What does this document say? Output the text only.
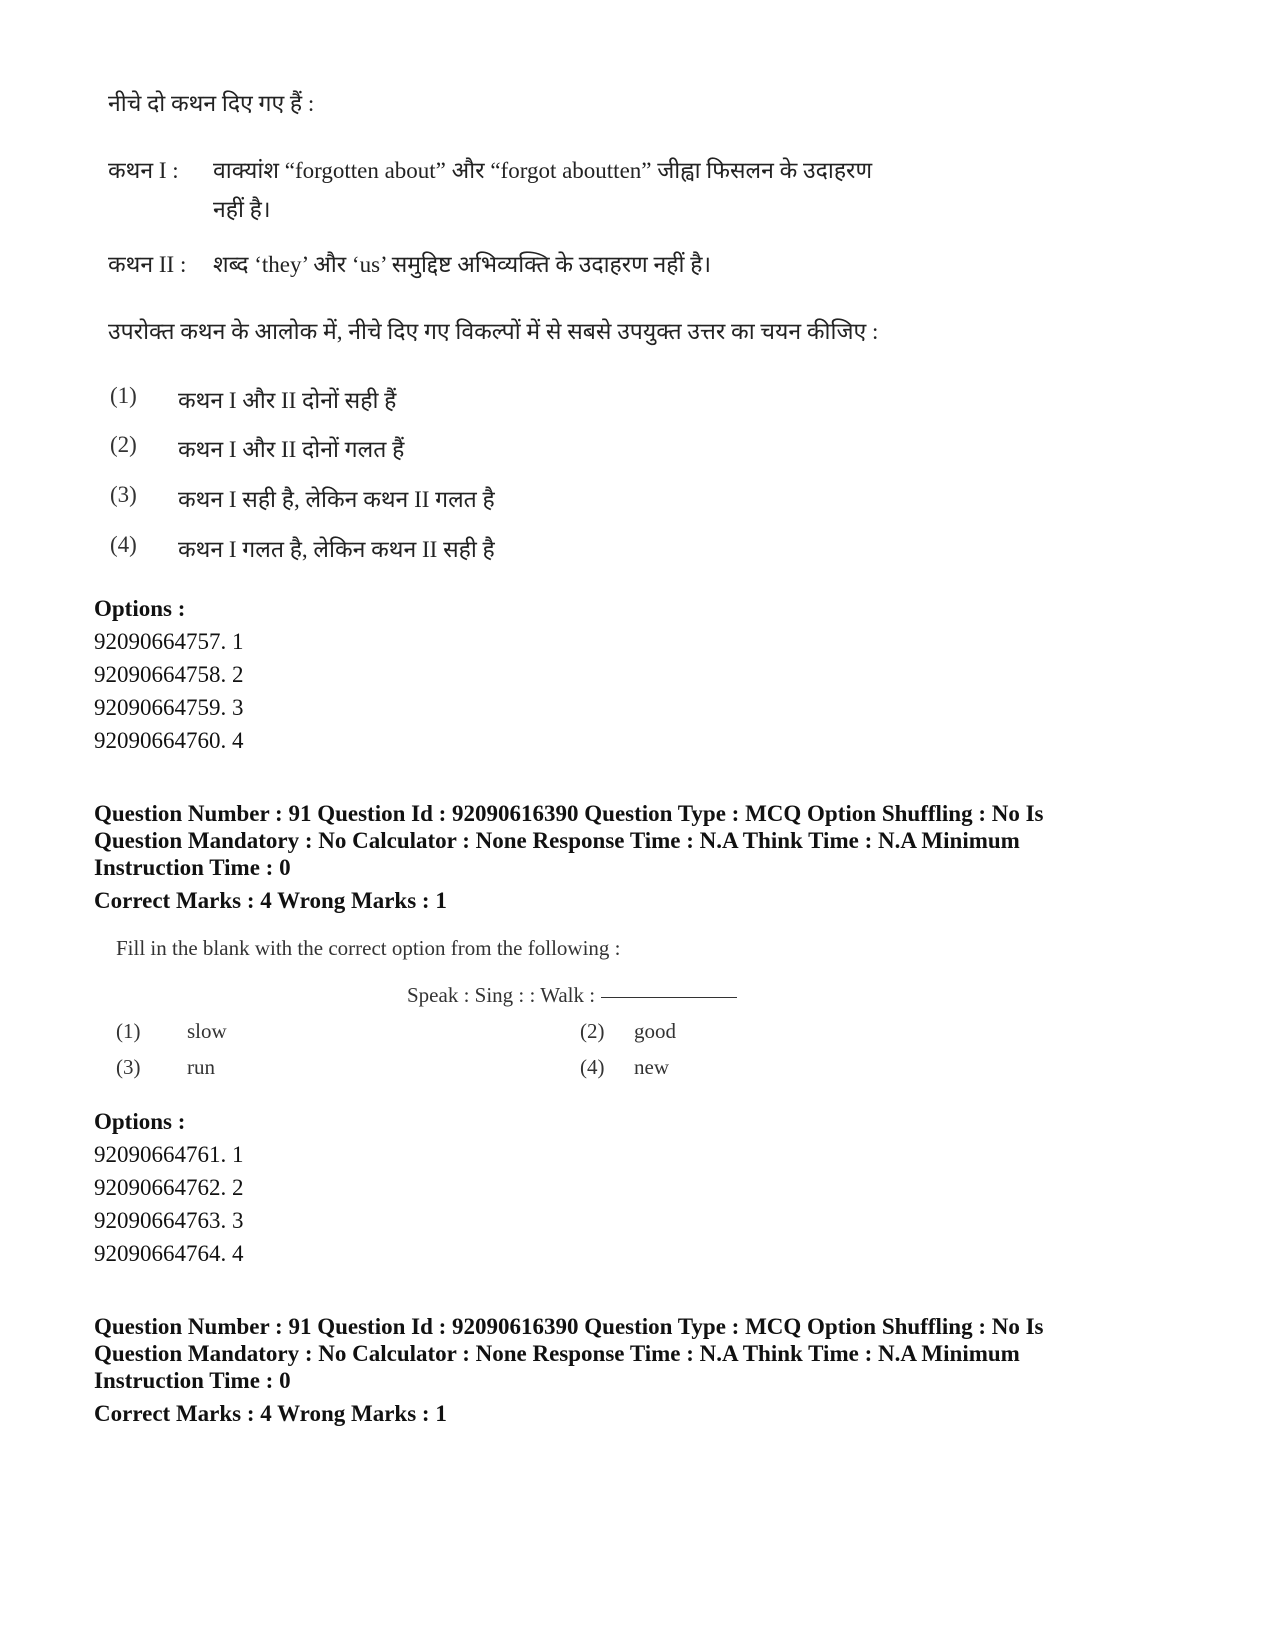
नीचे दो कथन दिए गए हैं :
कथन I : वाक्यांश “forgotten about” और “forgot aboutten” जीह्वा फिसलन के उदाहरण
नहीं है।
कथन II : शब्द ‘they’ और ‘us’ समुद्दिष्ट अभिव्यक्ति के उदाहरण नहीं है।
उपरोक्त कथन के आलोक में, नीचे दिए गए विकल्पों में से सबसे उपयुक्त उत्तर का चयन कीजिए :
(1) कथन I और II दोनों सही हैं
(2) कथन I और II दोनों गलत हैं
(3) कथन I सही है, लेकिन कथन II गलत है
(4) कथन I गलत है, लेकिन कथन II सही है
Options :
92090664757. 1
92090664758. 2
92090664759. 3
92090664760. 4
Question Number : 91 Question Id : 92090616390 Question Type : MCQ Option Shuffling : No Is
Question Mandatory : No Calculator : None Response Time : N.A Think Time : N.A Minimum
Instruction Time : 0
Correct Marks : 4 Wrong Marks : 1
Fill in the blank with the correct option from the following :
Speak : Sing : : Walk :
(1) slow	(2) good
(3) run	(4) new
Options :
92090664761. 1
92090664762. 2
92090664763. 3
92090664764. 4
Question Number : 91 Question Id : 92090616390 Question Type : MCQ Option Shuffling : No Is
Question Mandatory : No Calculator : None Response Time : N.A Think Time : N.A Minimum
Instruction Time : 0
Correct Marks : 4 Wrong Marks : 1
